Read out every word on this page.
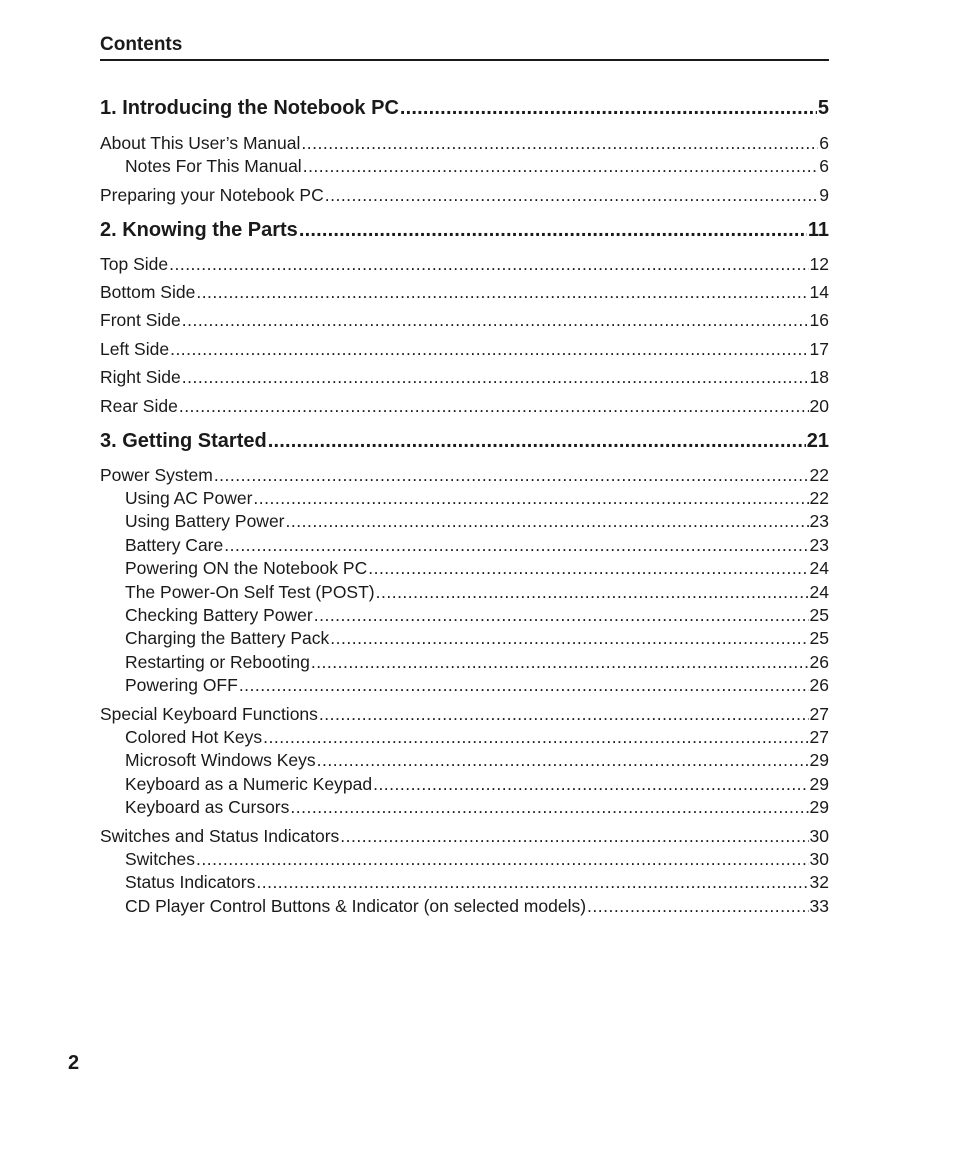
Contents
1. Introducing the Notebook PC .....	5
About This User’s Manual .....	6
Notes For This Manual .....	6
Preparing your Notebook PC .....	9
2. Knowing the Parts .....	11
Top Side .....	12
Bottom Side .....	14
Front Side .....	16
Left Side .....	17
Right Side .....	18
Rear Side .....	20
3. Getting Started .....	21
Power System .....	22
Using AC Power .....	22
Using Battery Power .....	23
Battery Care .....	23
Powering ON the Notebook PC .....	24
The Power-On Self Test (POST) .....	24
Checking Battery Power .....	25
Charging the Battery Pack .....	25
Restarting or Rebooting .....	26
Powering OFF .....	26
Special Keyboard Functions .....	27
Colored Hot Keys .....	27
Microsoft Windows Keys .....	29
Keyboard as a Numeric Keypad .....	29
Keyboard as Cursors .....	29
Switches and Status Indicators .....	30
Switches .....	30
Status Indicators .....	32
CD Player Control Buttons & Indicator (on selected models) .....	33
2
